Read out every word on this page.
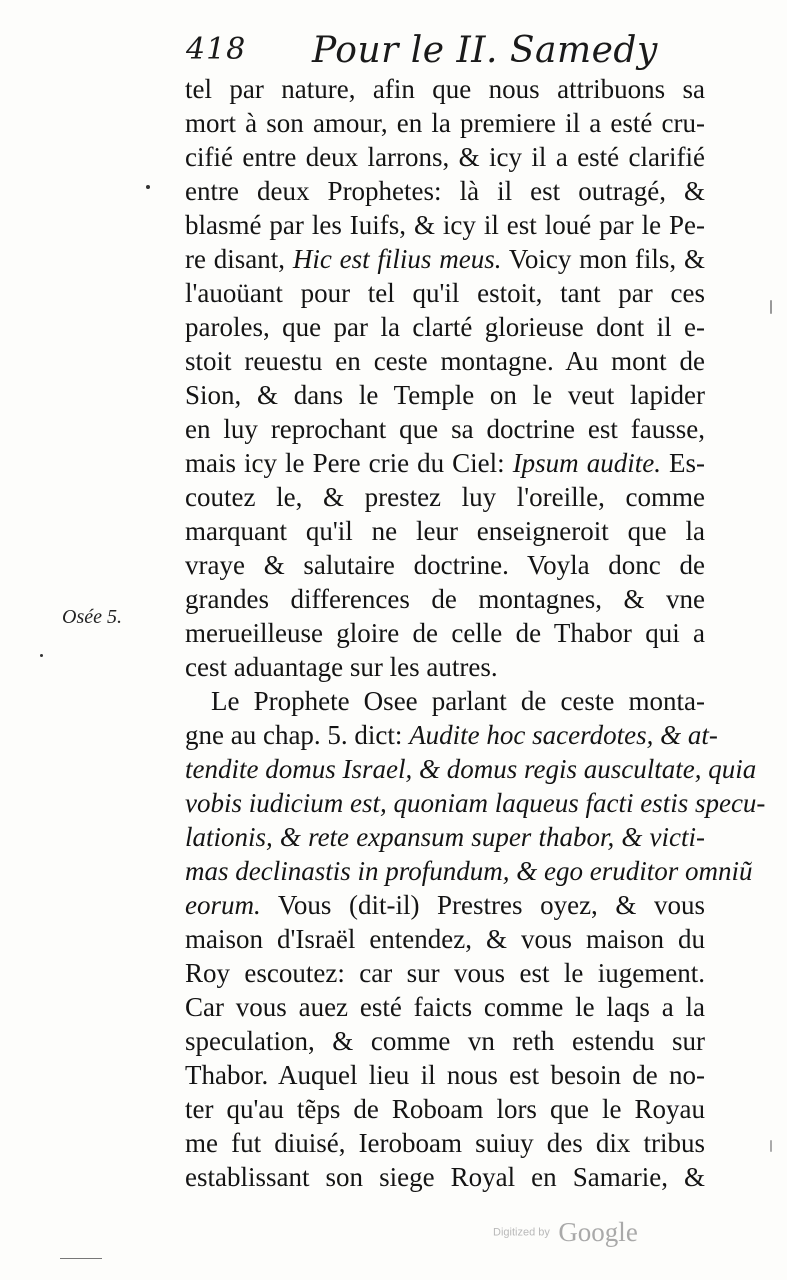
418 Pour le II. Samedy
Osée 5.
tel par nature, afin que nous attribuons sa
mort à son amour, en la premiere il a esté cru-
cifié entre deux larrons, & icy il a esté clarifié
entre deux Prophetes: là il est outragé, &
blasmé par les Iuifs, & icy il est loué par le Pe-
re disant, Hic est filius meus. Voicy mon fils, &
l'auoüant pour tel qu'il estoit, tant par ces
paroles, que par la clarté glorieuse dont il e-
stoit reuestu en ceste montagne. Au mont de
Sion, & dans le Temple on le veut lapider
en luy reprochant que sa doctrine est fausse,
mais icy le Pere crie du Ciel: Ipsum audite. Es-
coutez le, & prestez luy l'oreille, comme
marquant qu'il ne leur enseigneroit que la
vraye & salutaire doctrine. Voyla donc de
grandes differences de montagnes, & vne
merueilleuse gloire de celle de Thabor qui a
cest aduantage sur les autres.
Le Prophete Osee parlant de ceste monta-
gne au chap. 5. dict: Audite hoc sacerdotes, & at-
tendite domus Israel, & domus regis auscultate, quia
vobis iudicium est, quoniam laqueus facti estis specu-
lationis, & rete expansum super thabor, & victi-
mas declinastis in profundum, & ego eruditor omniũ
eorum. Vous (dit-il) Prestres oyez, & vous
maison d'Israël entendez, & vous maison du
Roy escoutez: car sur vous est le iugement.
Car vous auez esté faicts comme le laqs a la
speculation, & comme vn reth estendu sur
Thabor. Auquel lieu il nous est besoin de no-
ter qu'au tẽps de Roboam lors que le Royau
me fut diuisé, Ieroboam suiuy des dix tribus
establissant son siege Royal en Samarie, &
Digitized by Google
